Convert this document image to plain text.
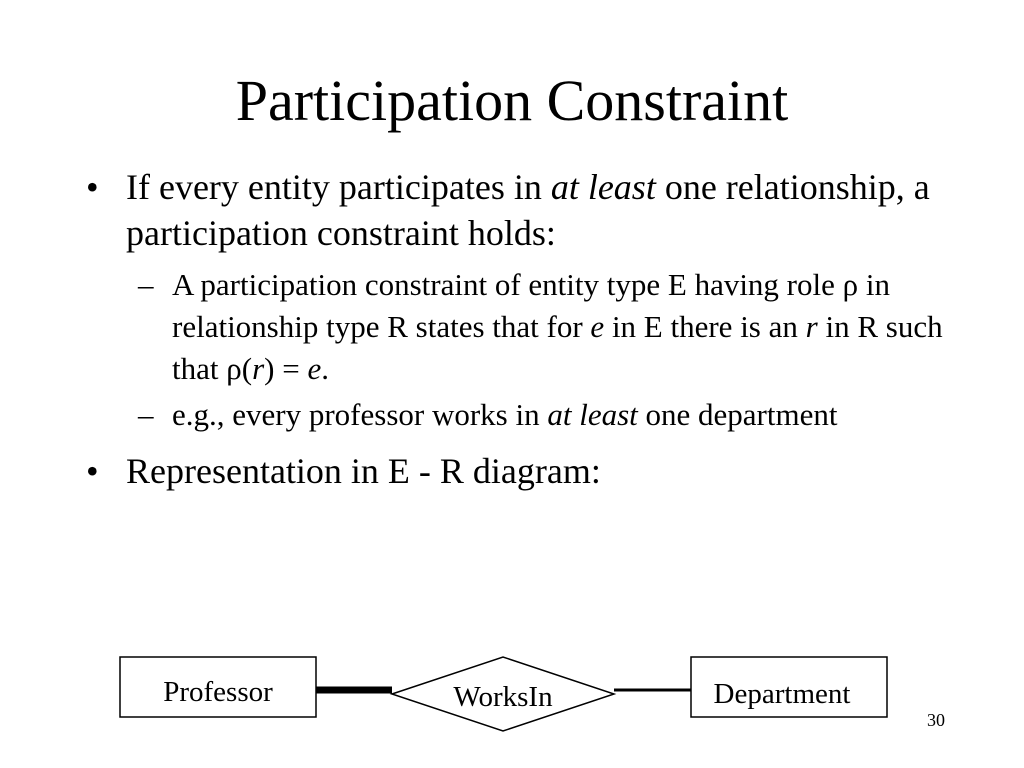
Participation Constraint
• If every entity participates in at least one relationship, a participation constraint holds:
– A participation constraint of entity type E having role ρ in relationship type R states that for e in E there is an r in R such that ρ(r) = e.
– e.g., every professor works in at least one department
• Representation in E - R diagram:
Professor	WorksIn	Department
30
